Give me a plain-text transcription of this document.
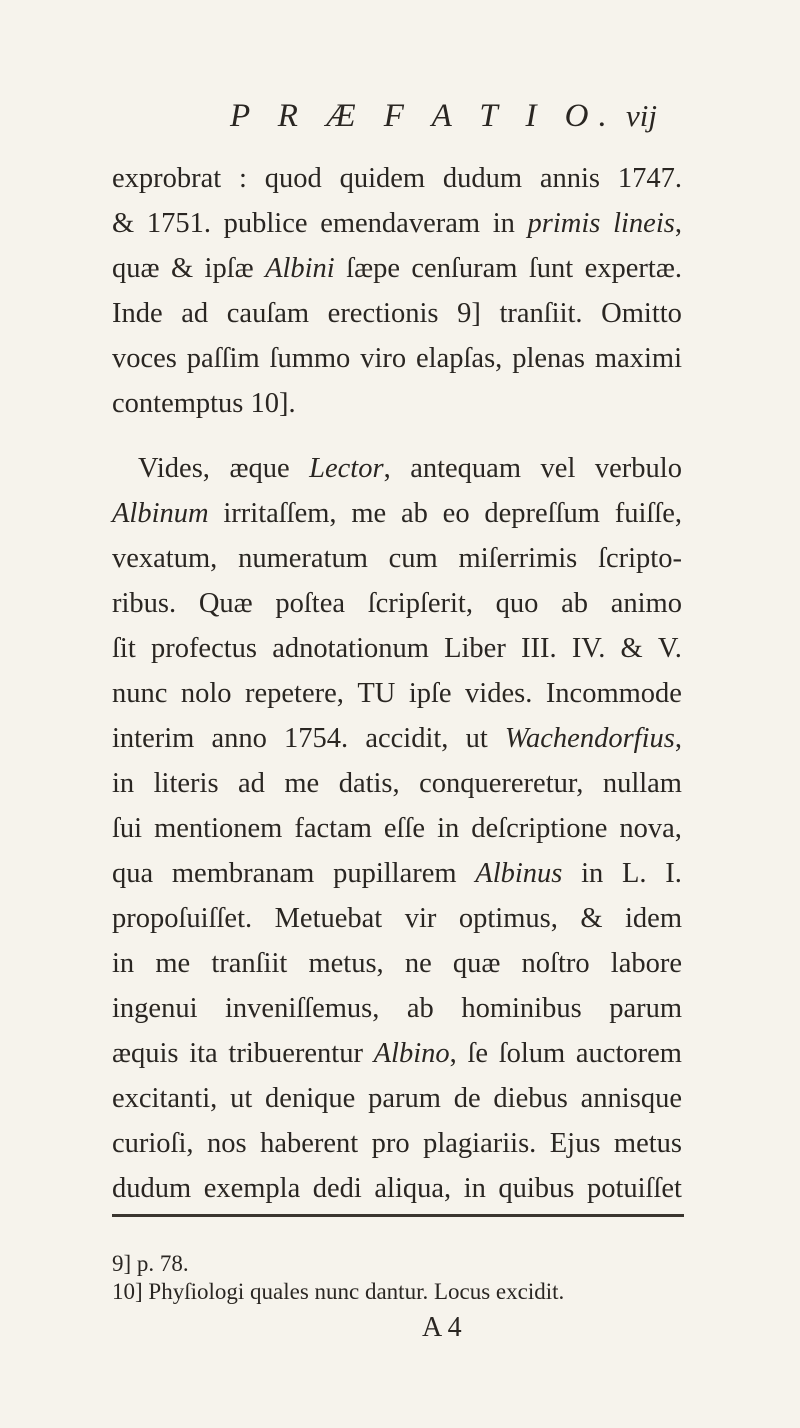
P R Æ F A T I O. vij
exprobrat : quod quidem dudum annis 1747.
& 1751. publice emendaveram in primis lineis,
quæ & ipſæ Albini ſæpe cenſuram ſunt expertæ.
Inde ad cauſam erectionis 9] tranſiit. Omitto
voces paſſim ſummo viro elapſas, plenas maximi
contemptus 10].
Vides, æque Lector, antequam vel verbulo
Albinum irritaſſem, me ab eo depreſſum fuiſſe,
vexatum, numeratum cum miſerrimis ſcripto-
ribus. Quæ poſtea ſcripſerit, quo ab animo
ſit profectus adnotationum Liber III. IV. & V.
nunc nolo repetere, TU ipſe vides. Incommode
interim anno 1754. accidit, ut Wachendorfius,
in literis ad me datis, conquereretur, nullam
ſui mentionem factam eſſe in deſcriptione nova,
qua membranam pupillarem Albinus in L. I.
propoſuiſſet. Metuebat vir optimus, & idem
in me tranſiit metus, ne quæ noſtro labore
ingenui inveniſſemus, ab hominibus parum
æquis ita tribuerentur Albino, ſe ſolum auctorem
excitanti, ut denique parum de diebus annisque
curioſi, nos haberent pro plagiariis. Ejus metus
dudum exempla dedi aliqua, in quibus potuiſſet
9] p. 78.
10] Phyſiologi quales nunc dantur. Locus excidit.
A 4
